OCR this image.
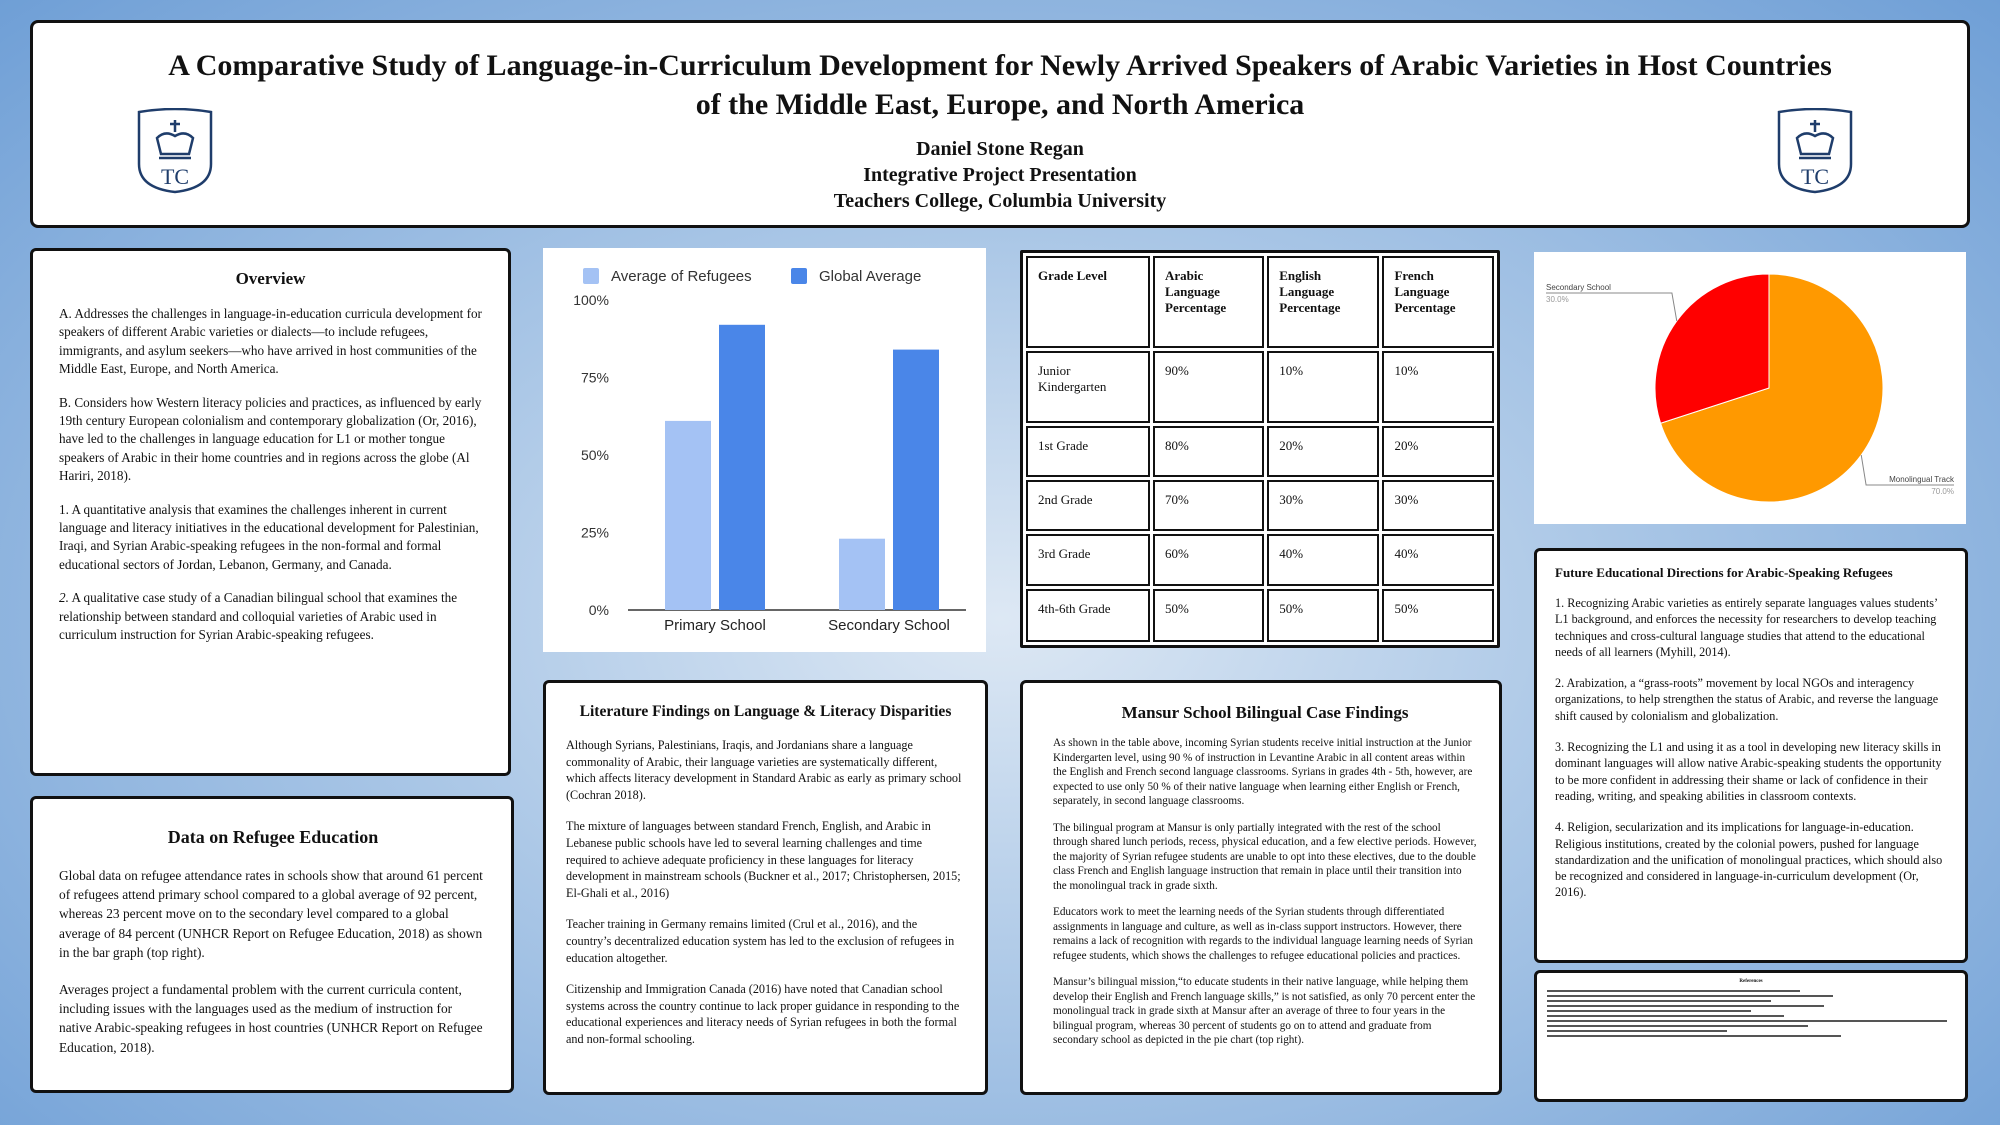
A Comparative Study of Language-in-Curriculum Development for Newly Arrived Speakers of Arabic Varieties in Host Countries
of the Middle East, Europe, and North America
Daniel Stone Regan
Integrative Project Presentation
Teachers College, Columbia University
TC	TC
Overview

A. Addresses the challenges in language-in-education curricula development for speakers of different Arabic varieties or dialects—to include refugees, immigrants, and asylum seekers—who have arrived in host communities of the Middle East, Europe, and North America.

B. Considers how Western literacy policies and practices, as influenced by early 19th century European colonialism and contemporary globalization (Or, 2016), have led to the challenges in language education for L1 or mother tongue speakers of Arabic in their home countries and in regions across the globe (Al Hariri, 2018).

1. A quantitative analysis that examines the challenges inherent in current language and literacy initiatives in the educational development for Palestinian, Iraqi, and Syrian Arabic-speaking refugees in the non-formal and formal educational sectors of Jordan, Lebanon, Germany, and Canada.

2. A qualitative case study of a Canadian bilingual school that examines the relationship between standard and colloquial varieties of Arabic used in curriculum instruction for Syrian Arabic-speaking refugees.

Data on Refugee Education

Global data on refugee attendance rates in schools show that around 61 percent of refugees attend primary school compared to a global average of 92 percent, whereas 23 percent move on to the secondary level compared to a global average of 84 percent (UNHCR Report on Refugee Education, 2018) as shown in the bar graph (top right).

Averages project a fundamental problem with the current curricula content, including issues with the languages used as the medium of instruction for native Arabic-speaking refugees in host countries (UNHCR Report on Refugee Education, 2018).

Average of Refugees	Global Average
0%
25%
50%
75%
100%
Primary School	Secondary School
Grade Level	Arabic Language Percentage	English Language Percentage	French Language Percentage
Junior Kindergarten	90%	10%	10%
1st Grade	80%	20%	20%
2nd Grade	70%	30%	30%
3rd Grade	60%	40%	40%
4th-6th Grade	50%	50%	50%
Monolingual Track
70.0%
Secondary School
30.0%
Literature Findings on Language & Literacy Disparities

Although Syrians, Palestinians, Iraqis, and Jordanians share a language commonality of Arabic, their language varieties are systematically different, which affects literacy development in Standard Arabic as early as primary school (Cochran 2018).

The mixture of languages between standard French, English, and Arabic in Lebanese public schools have led to several learning challenges and time required to achieve adequate proficiency in these languages for literacy development in mainstream schools (Buckner et al., 2017; Christophersen, 2015; El-Ghali et al., 2016)

Teacher training in Germany remains limited (Crul et al., 2016), and the country’s decentralized education system has led to the exclusion of refugees in education altogether.

Citizenship and Immigration Canada (2016) have noted that Canadian school systems across the country continue to lack proper guidance in responding to the educational experiences and literacy needs of Syrian refugees in both the formal and non-formal schooling.

Mansur School Bilingual Case Findings

As shown in the table above, incoming Syrian students receive initial instruction at the Junior Kindergarten level, using 90 % of instruction in Levantine Arabic in all content areas within the English and French second language classrooms. Syrians in grades 4th - 5th, however, are expected to use only 50 % of their native language when learning either English or French, separately, in second language classrooms.

The bilingual program at Mansur is only partially integrated with the rest of the school through shared lunch periods, recess, physical education, and a few elective periods. However, the majority of Syrian refugee students are unable to opt into these electives, due to the double class French and English language instruction that remain in place until their transition into the monolingual track in grade sixth.

Educators work to meet the learning needs of the Syrian students through differentiated assignments in language and culture, as well as in-class support instructors. However, there remains a lack of recognition with regards to the individual language learning needs of Syrian refugee students, which shows the challenges to refugee educational policies and practices.

Mansur’s bilingual mission,“to educate students in their native language, while helping them develop their English and French language skills,” is not satisfied, as only 70 percent enter the monolingual track in grade sixth at Mansur after an average of three to four years in the bilingual program, whereas 30 percent of students go on to attend and graduate from secondary school as depicted in the pie chart (top right).

Future Educational Directions for Arabic-Speaking Refugees

1. Recognizing Arabic varieties as entirely separate languages values students’ L1 background, and enforces the necessity for researchers to develop teaching techniques and cross-cultural language studies that attend to the educational needs of all learners (Myhill, 2014).

2. Arabization, a “grass-roots” movement by local NGOs and interagency organizations, to help strengthen the status of Arabic, and reverse the language shift caused by colonialism and globalization.

3. Recognizing the L1 and using it as a tool in developing new literacy skills in dominant languages will allow native Arabic-speaking students the opportunity to be more confident in addressing their shame or lack of confidence in their reading, writing, and speaking abilities in classroom contexts.

4. Religion, secularization and its implications for language-in-education. Religious institutions, created by the colonial powers, pushed for language standardization and the unification of monolingual practices, which should also be recognized and considered in language-in-curriculum development (Or, 2016).

References
